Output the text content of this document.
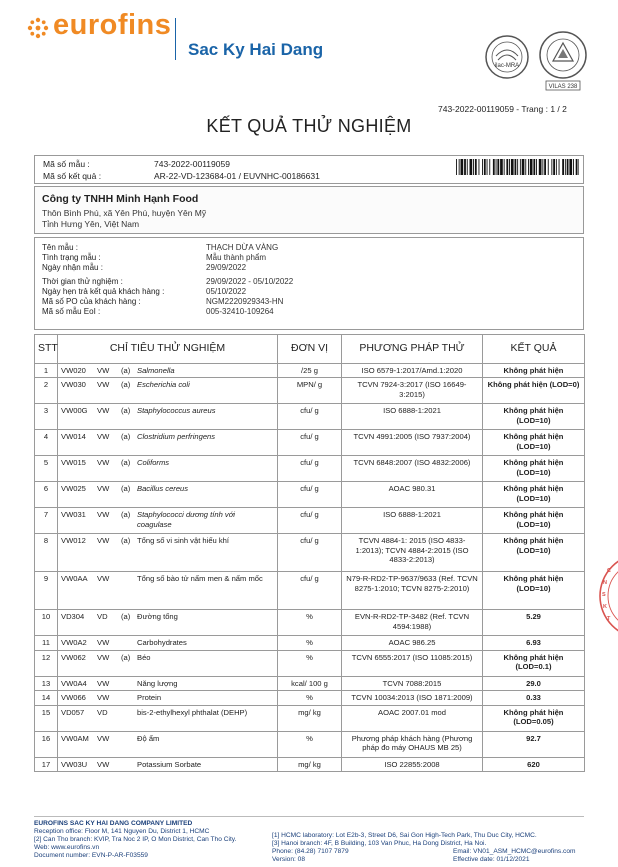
eurofins
Sac Ky Hai Dang
ilac-MRA
VILAS 238
743-2022-00119059 - Trang : 1 / 2
KẾT QUẢ THỬ NGHIỆM
Mã số mẫu :	743-2022-00119059
Mã số kết quả :	AR-22-VD-123684-01 / EUVNHC-00186631
Công ty TNHH Minh Hạnh Food
Thôn Bình Phú, xã Yên Phú, huyện Yên Mỹ
Tỉnh Hưng Yên, Việt Nam
Tên mẫu :	THẠCH DỪA VÀNG
Tình trạng mẫu :	Mẫu thành phẩm
Ngày nhận mẫu :	29/09/2022
Thời gian thử nghiệm :	29/09/2022 - 05/10/2022
Ngày hẹn trả kết quả khách hàng :	05/10/2022
Mã số PO của khách hàng :	NGM2220929343-HN
Mã số mẫu EoI :	005-32410-109264
STT	CHỈ TIÊU THỬ NGHIỆM	ĐƠN VỊ	PHƯƠNG PHÁP THỬ	KẾT QUẢ
1	VW020 VW (a) Salmonella	/25 g	ISO 6579-1:2017/Amd.1:2020	Không phát hiện
2	VW030 VW (a) Escherichia coli	MPN/ g	TCVN 7924-3:2017 (ISO 16649-3:2015)	Không phát hiện (LOD=0)
3	VW00G VW (a) Staphylococcus aureus	cfu/ g	ISO 6888-1:2021	Không phát hiện (LOD=10)
4	VW014 VW (a) Clostridium perfringens	cfu/ g	TCVN 4991:2005 (ISO 7937:2004)	Không phát hiện (LOD=10)
5	VW015 VW (a) Coliforms	cfu/ g	TCVN 6848:2007 (ISO 4832:2006)	Không phát hiện (LOD=10)
6	VW025 VW (a) Bacillus cereus	cfu/ g	AOAC 980.31	Không phát hiện (LOD=10)
7	VW031 VW (a) Staphylococci dương tính với coagulase	cfu/ g	ISO 6888-1:2021	Không phát hiện (LOD=10)
8	VW012 VW (a) Tổng số vi sinh vật hiếu khí	cfu/ g	TCVN 4884-1: 2015 (ISO 4833-1:2013); TCVN 4884-2:2015 (ISO 4833-2:2013)	Không phát hiện (LOD=10)
9	VW0AA VW Tổng số bào tử nấm men & nấm mốc	cfu/ g	N79-R-RD2-TP-9637/9633 (Ref. TCVN 8275-1:2010; TCVN 8275-2:2010)	Không phát hiện (LOD=10)
10	VD304 VD (a) Đường tổng	%	EVN-R-RD2-TP-3482 (Ref. TCVN 4594:1988)	5.29
11	VW0A2 VW Carbohydrates	%	AOAC 986.25	6.93
12	VW062 VW (a) Béo	%	TCVN 6555:2017 (ISO 11085:2015)	Không phát hiện (LOD=0.1)
13	VW0A4 VW Năng lượng	kcal/ 100 g	TCVN 7088:2015	29.0
14	VW066 VW Protein	%	TCVN 10034:2013 (ISO 1871:2009)	0.33
15	VD057 VD bis-2-ethylhexyl phthalat (DEHP)	mg/ kg	AOAC 2007.01 mod	Không phát hiện (LOD=0.05)
16	VW0AM VW Độ ẩm	%	Phương pháp khách hàng (Phương pháp đo máy OHAUS MB 25)	92.7
17	VW03U VW Potassium Sorbate	mg/ kg	ISO 22855:2008	620
C
N
S
K
T
EUROFINS SAC KY HAI DANG COMPANY LIMITED
Reception office: Floor M, 141 Nguyen Du, District 1, HCMC
[2] Can Tho branch: KVIP, Tra Noc 2 IP, O Mon District, Can Tho City.
Web: www.eurofins.vn
Document number: EVN-P-AR-F03559
[1] HCMC laboratory: Lot E2b-3, Street D6, Sai Gon High-Tech Park, Thu Duc City, HCMC.
[3] Hanoi branch: 4F, B Building, 103 Van Phuc, Ha Dong District, Ha Noi.
Phone: (84.28) 7107 7879
Version: 08
Email: VN01_ASM_HCMC@eurofins.com
Effective date: 01/12/2021
